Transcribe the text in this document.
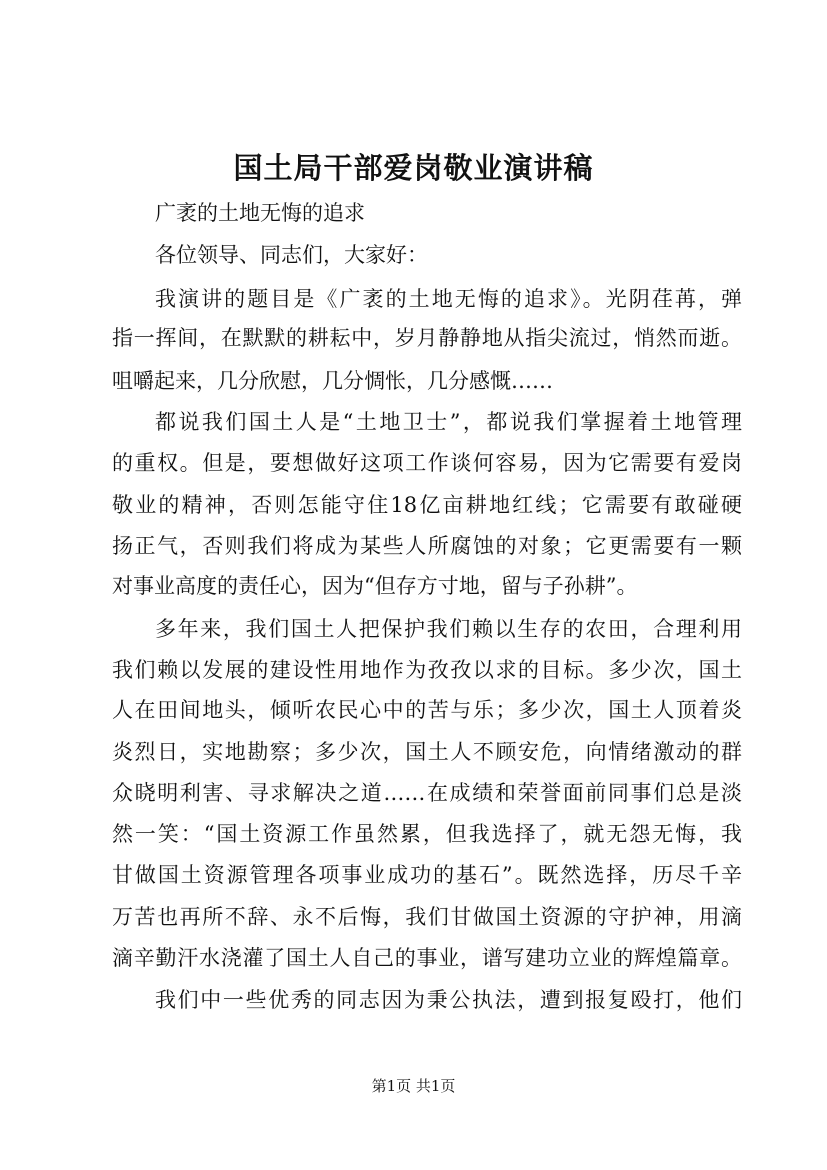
国土局干部爱岗敬业演讲稿
广袤的土地无悔的追求
各位领导、同志们，大家好：
我演讲的题目是《广袤的土地无悔的追求》。光阴荏苒，弹
指一挥间，在默默的耕耘中，岁月静静地从指尖流过，悄然而逝。
咀嚼起来，几分欣慰，几分惆怅，几分感慨……
都说我们国土人是“土地卫士”，都说我们掌握着土地管理
的重权。但是，要想做好这项工作谈何容易，因为它需要有爱岗
敬业的精神，否则怎能守住18亿亩耕地红线；它需要有敢碰硬
扬正气，否则我们将成为某些人所腐蚀的对象；它更需要有一颗
对事业高度的责任心，因为“但存方寸地，留与子孙耕”。
多年来，我们国土人把保护我们赖以生存的农田，合理利用
我们赖以发展的建设性用地作为孜孜以求的目标。多少次，国土
人在田间地头，倾听农民心中的苦与乐；多少次，国土人顶着炎
炎烈日，实地勘察；多少次，国土人不顾安危，向情绪激动的群
众晓明利害、寻求解决之道……在成绩和荣誉面前同事们总是淡
然一笑：“国土资源工作虽然累，但我选择了，就无怨无悔，我
甘做国土资源管理各项事业成功的基石”。既然选择，历尽千辛
万苦也再所不辞、永不后悔，我们甘做国土资源的守护神，用滴
滴辛勤汗水浇灌了国土人自己的事业，谱写建功立业的辉煌篇章。
我们中一些优秀的同志因为秉公执法，遭到报复殴打，他们
第1页 共1页
